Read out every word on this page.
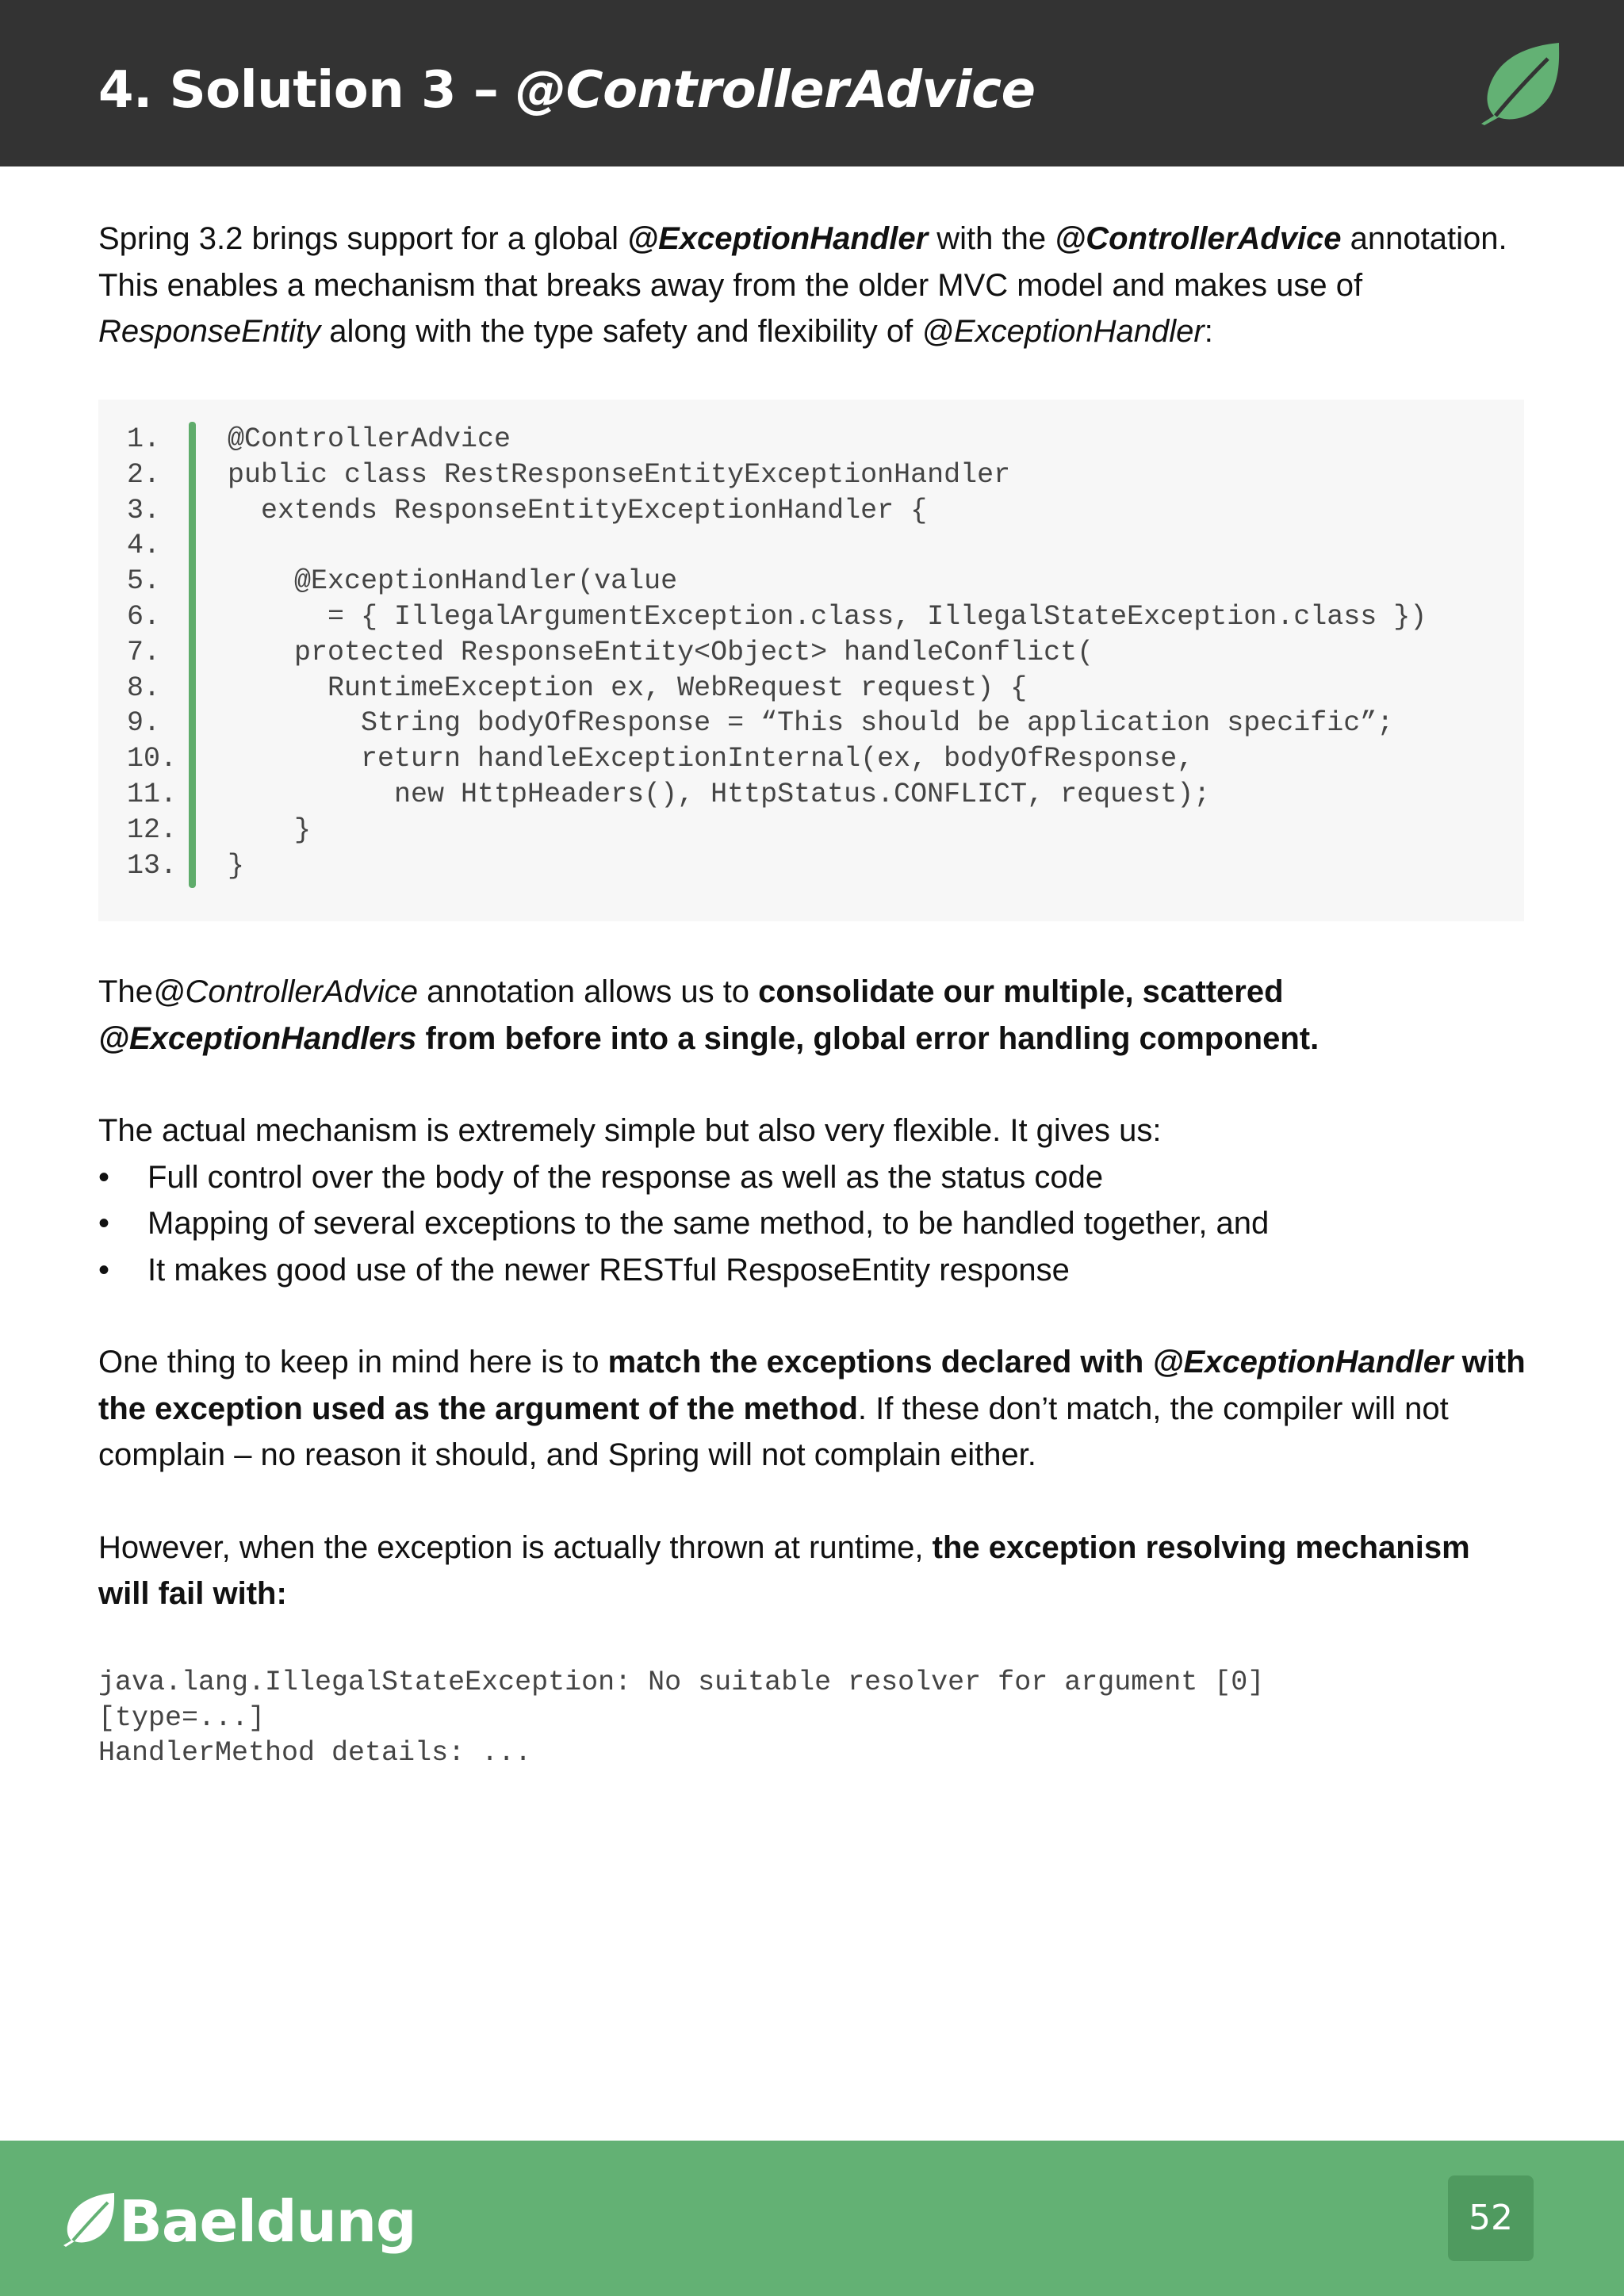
4. Solution 3 – @ControllerAdvice

Spring 3.2 brings support for a global @ExceptionHandler with the @ControllerAdvice annotation. This enables a mechanism that breaks away from the older MVC model and makes use of ResponseEntity along with the type safety and flexibility of @ExceptionHandler:

1.	@ControllerAdvice
2.	public class RestResponseEntityExceptionHandler
3.	extends ResponseEntityExceptionHandler {
4.
5.	@ExceptionHandler(value
6.	= { IllegalArgumentException.class, IllegalStateException.class })
7.	protected ResponseEntity<Object> handleConflict(
8.	RuntimeException ex, WebRequest request) {
9.	String bodyOfResponse = “This should be application specific”;
10.	return handleExceptionInternal(ex, bodyOfResponse,
11.	new HttpHeaders(), HttpStatus.CONFLICT, request);
12.	}
13.	}

The@ControllerAdvice annotation allows us to consolidate our multiple, scattered @ExceptionHandlers from before into a single, global error handling component.

The actual mechanism is extremely simple but also very flexible. It gives us:

• Full control over the body of the response as well as the status code
• Mapping of several exceptions to the same method, to be handled together, and
• It makes good use of the newer RESTful ResposeEntity response

One thing to keep in mind here is to match the exceptions declared with @ExceptionHandler with the exception used as the argument of the method. If these don’t match, the compiler will not complain – no reason it should, and Spring will not complain either.

However, when the exception is actually thrown at runtime, the exception resolving mechanism will fail with:

java.lang.IllegalStateException: No suitable resolver for argument [0]
[type=...]
HandlerMethod details: ...
Baeldung	52
